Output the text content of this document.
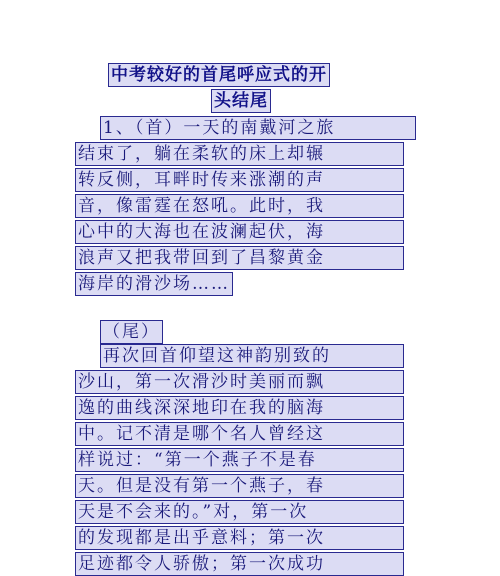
中考较好的首尾呼应式的开
头结尾
1、（首）一天的南戴河之旅
结束了，躺在柔软的床上却辗
转反侧，耳畔时传来涨潮的声
音，像雷霆在怒吼。此时，我
心中的大海也在波澜起伏，海
浪声又把我带回到了昌黎黄金
海岸的滑沙场……
（尾）
再次回首仰望这神韵别致的
沙山，第一次滑沙时美丽而飘
逸的曲线深深地印在我的脑海
中。记不清是哪个名人曾经这
样说过：“第一个燕子不是春
天。但是没有第一个燕子，春
天是不会来的。”对，第一次
的发现都是出乎意料；第一次
足迹都令人骄傲；第一次成功
